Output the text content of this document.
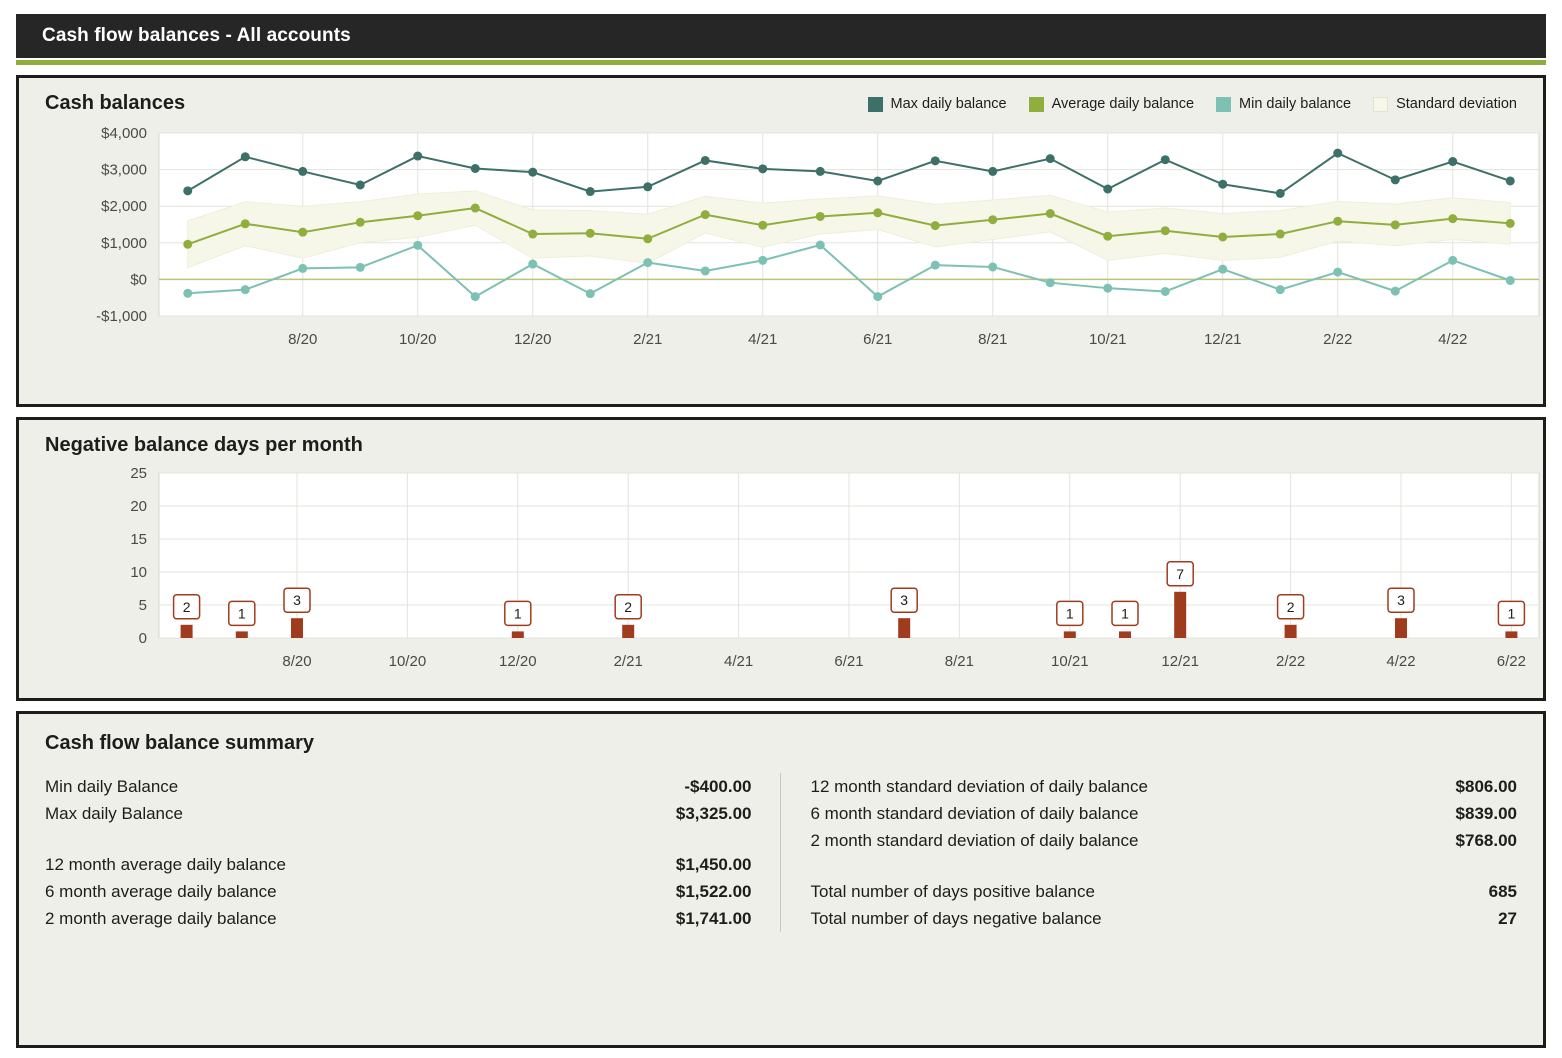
Cash flow balances - All accounts
Cash balances	Max daily balance	Average daily balance	Min daily balance	Standard deviation
-$1,000
$0
$1,000
$2,000
$3,000
$4,000
8/20	10/20	12/20	2/21	4/21	6/21	8/21	10/21	12/21	2/22	4/22
Negative balance days per month
0
5
10
15
20
25
2	1
3
1	2	3
1	1
7
2	3
1
8/20	10/20	12/20	2/21	4/21	6/21	8/21	10/21	12/21	2/22	4/22	6/22
Cash flow balance summary
Min daily Balance	-$400.00
Max daily Balance	$3,325.00
12 month average daily balance	$1,450.00
6 month average daily balance	$1,522.00
2 month average daily balance	$1,741.00
12 month standard deviation of daily balance	$806.00
6 month standard deviation of daily balance	$839.00
2 month standard deviation of daily balance	$768.00
Total number of days positive balance	685
Total number of days negative balance	27
